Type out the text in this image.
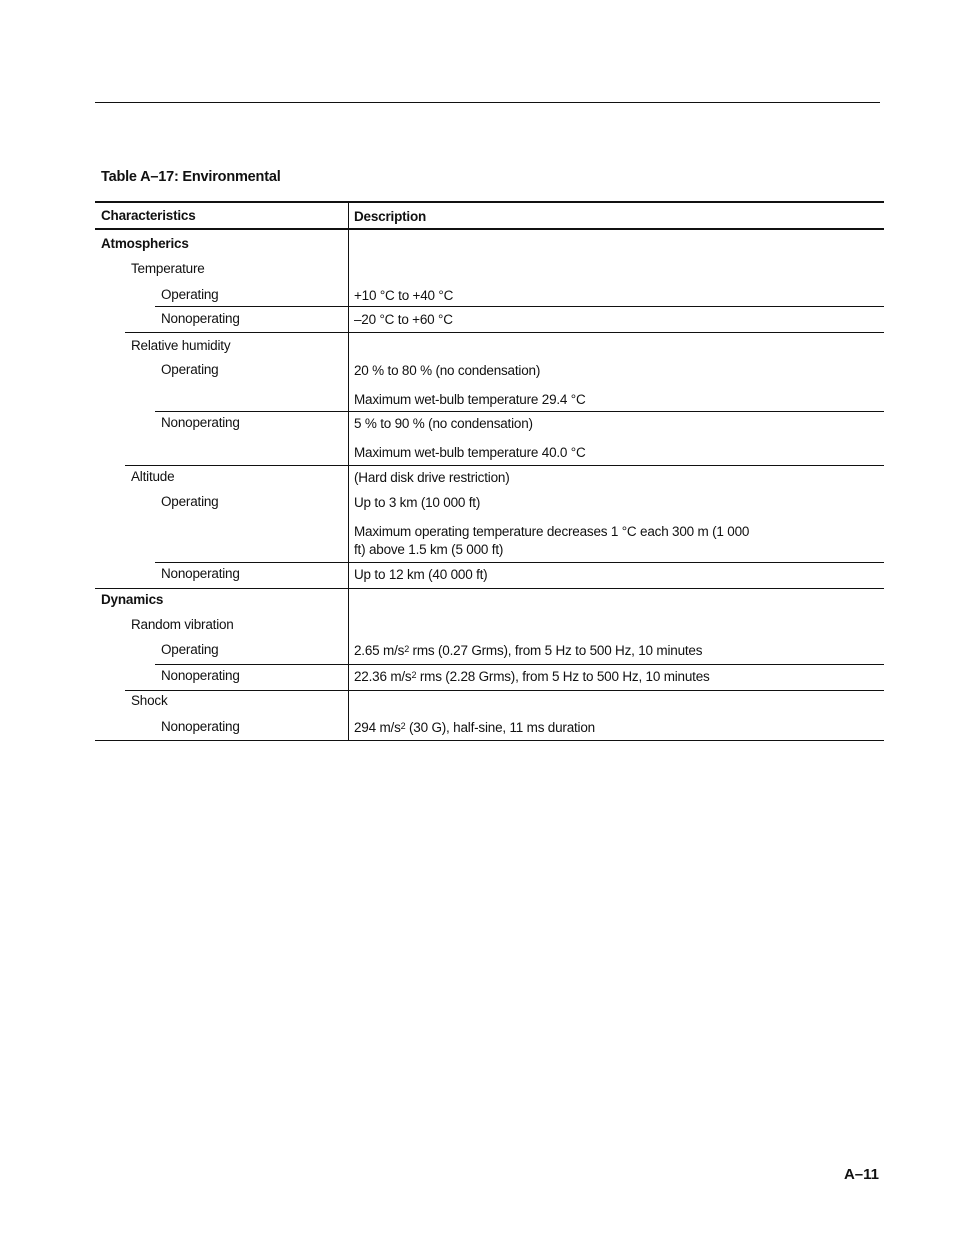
Table A–17: Environmental
Characteristics	Description
Atmospherics
Temperature
Operating	+10 °C to +40 °C
Nonoperating	–20 °C to +60 °C
Relative humidity
Operating	20 % to 80 % (no condensation)
Maximum wet-bulb temperature 29.4 °C
Nonoperating	5 % to 90 % (no condensation)
Maximum wet-bulb temperature 40.0 °C
Altitude	(Hard disk drive restriction)
Operating	Up to 3 km (10 000 ft)
Maximum operating temperature decreases 1 °C each 300 m (1 000 ft) above 1.5 km (5 000 ft)
Nonoperating	Up to 12 km (40 000 ft)
Dynamics
Random vibration
Operating	2.65 $m/s^2$ rms (0.27 Grms), from 5 Hz to 500 Hz, 10 minutes
Nonoperating	22.36 $m/s^2$ rms (2.28 Grms), from 5 Hz to 500 Hz, 10 minutes
Shock
Nonoperating	294 $m/s^2$ (30 G), half-sine, 11 ms duration
A–11
